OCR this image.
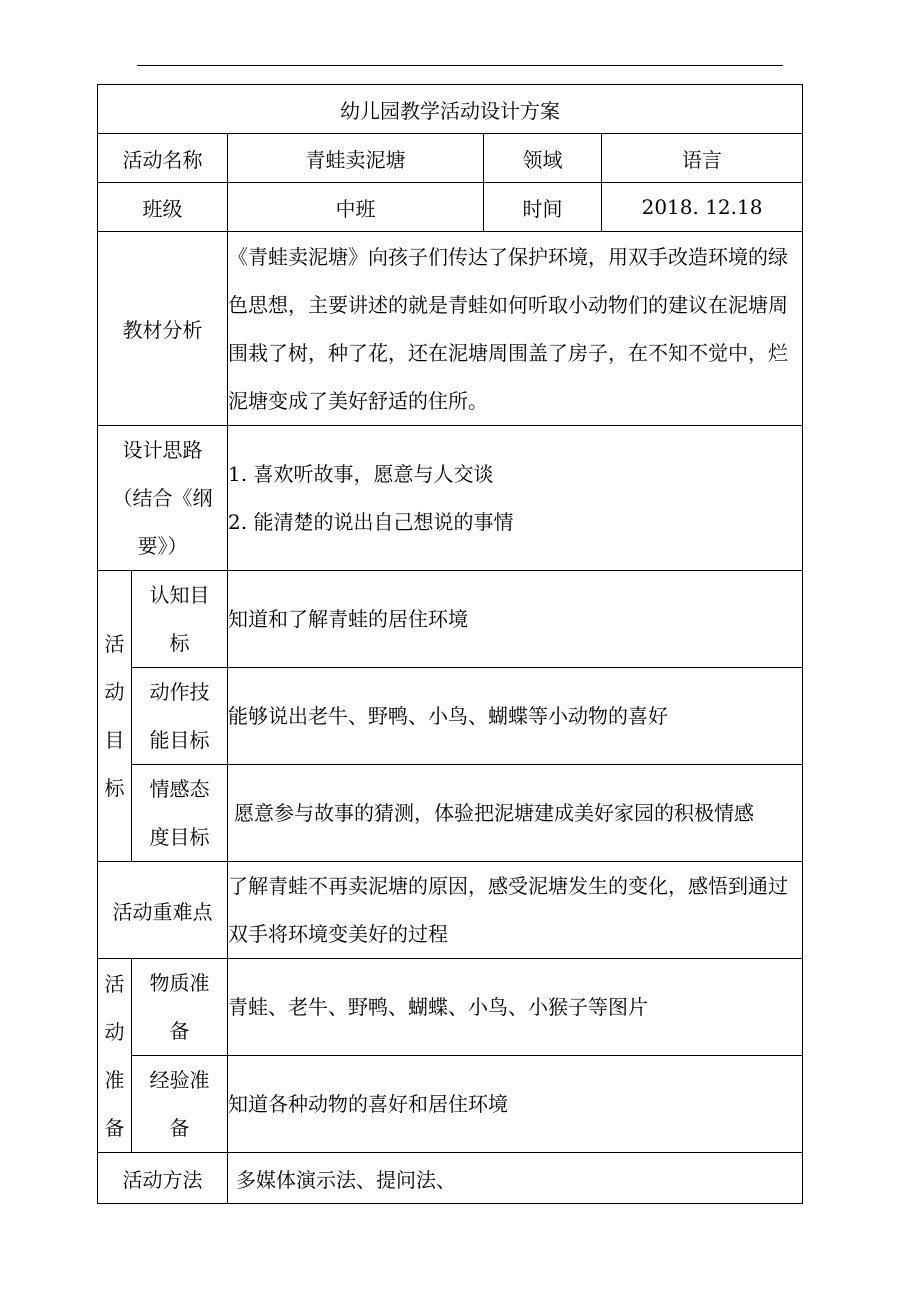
幼儿园教学活动设计方案				
活动名称		青蛙卖泥塘	领域	语言
班级		中班	时间	2018. 12.18
教材分析		《青蛙卖泥塘》向孩子们传达了保护环境，用双手改造环境的绿色思想，主要讲述的就是青蛙如何听取小动物们的建议在泥塘周围栽了树，种了花，还在泥塘周围盖了房子，在不知不觉中，烂泥塘变成了美好舒适的住所。		
设计思路（结合《纲要》）		1. 喜欢听故事，愿意与人交谈
2. 能清楚的说出自己想说的事情		

活
动
目
标	认知目标	知道和了解青蛙的居住环境		
	动作技能目标	能够说出老牛、野鸭、小鸟、蝴蝶等小动物的喜好		
	情感态度目标	愿意参与故事的猜测，体验把泥塘建成美好家园的积极情感		
活动重难点		了解青蛙不再卖泥塘的原因，感受泥塘发生的变化，感悟到通过双手将环境变美好的过程		

活
动
准
备	物质准备	青蛙、老牛、野鸭、蝴蝶、小鸟、小猴子等图片		
	经验准备	知道各种动物的喜好和居住环境		
活动方法		多媒体演示法、提问法、		
